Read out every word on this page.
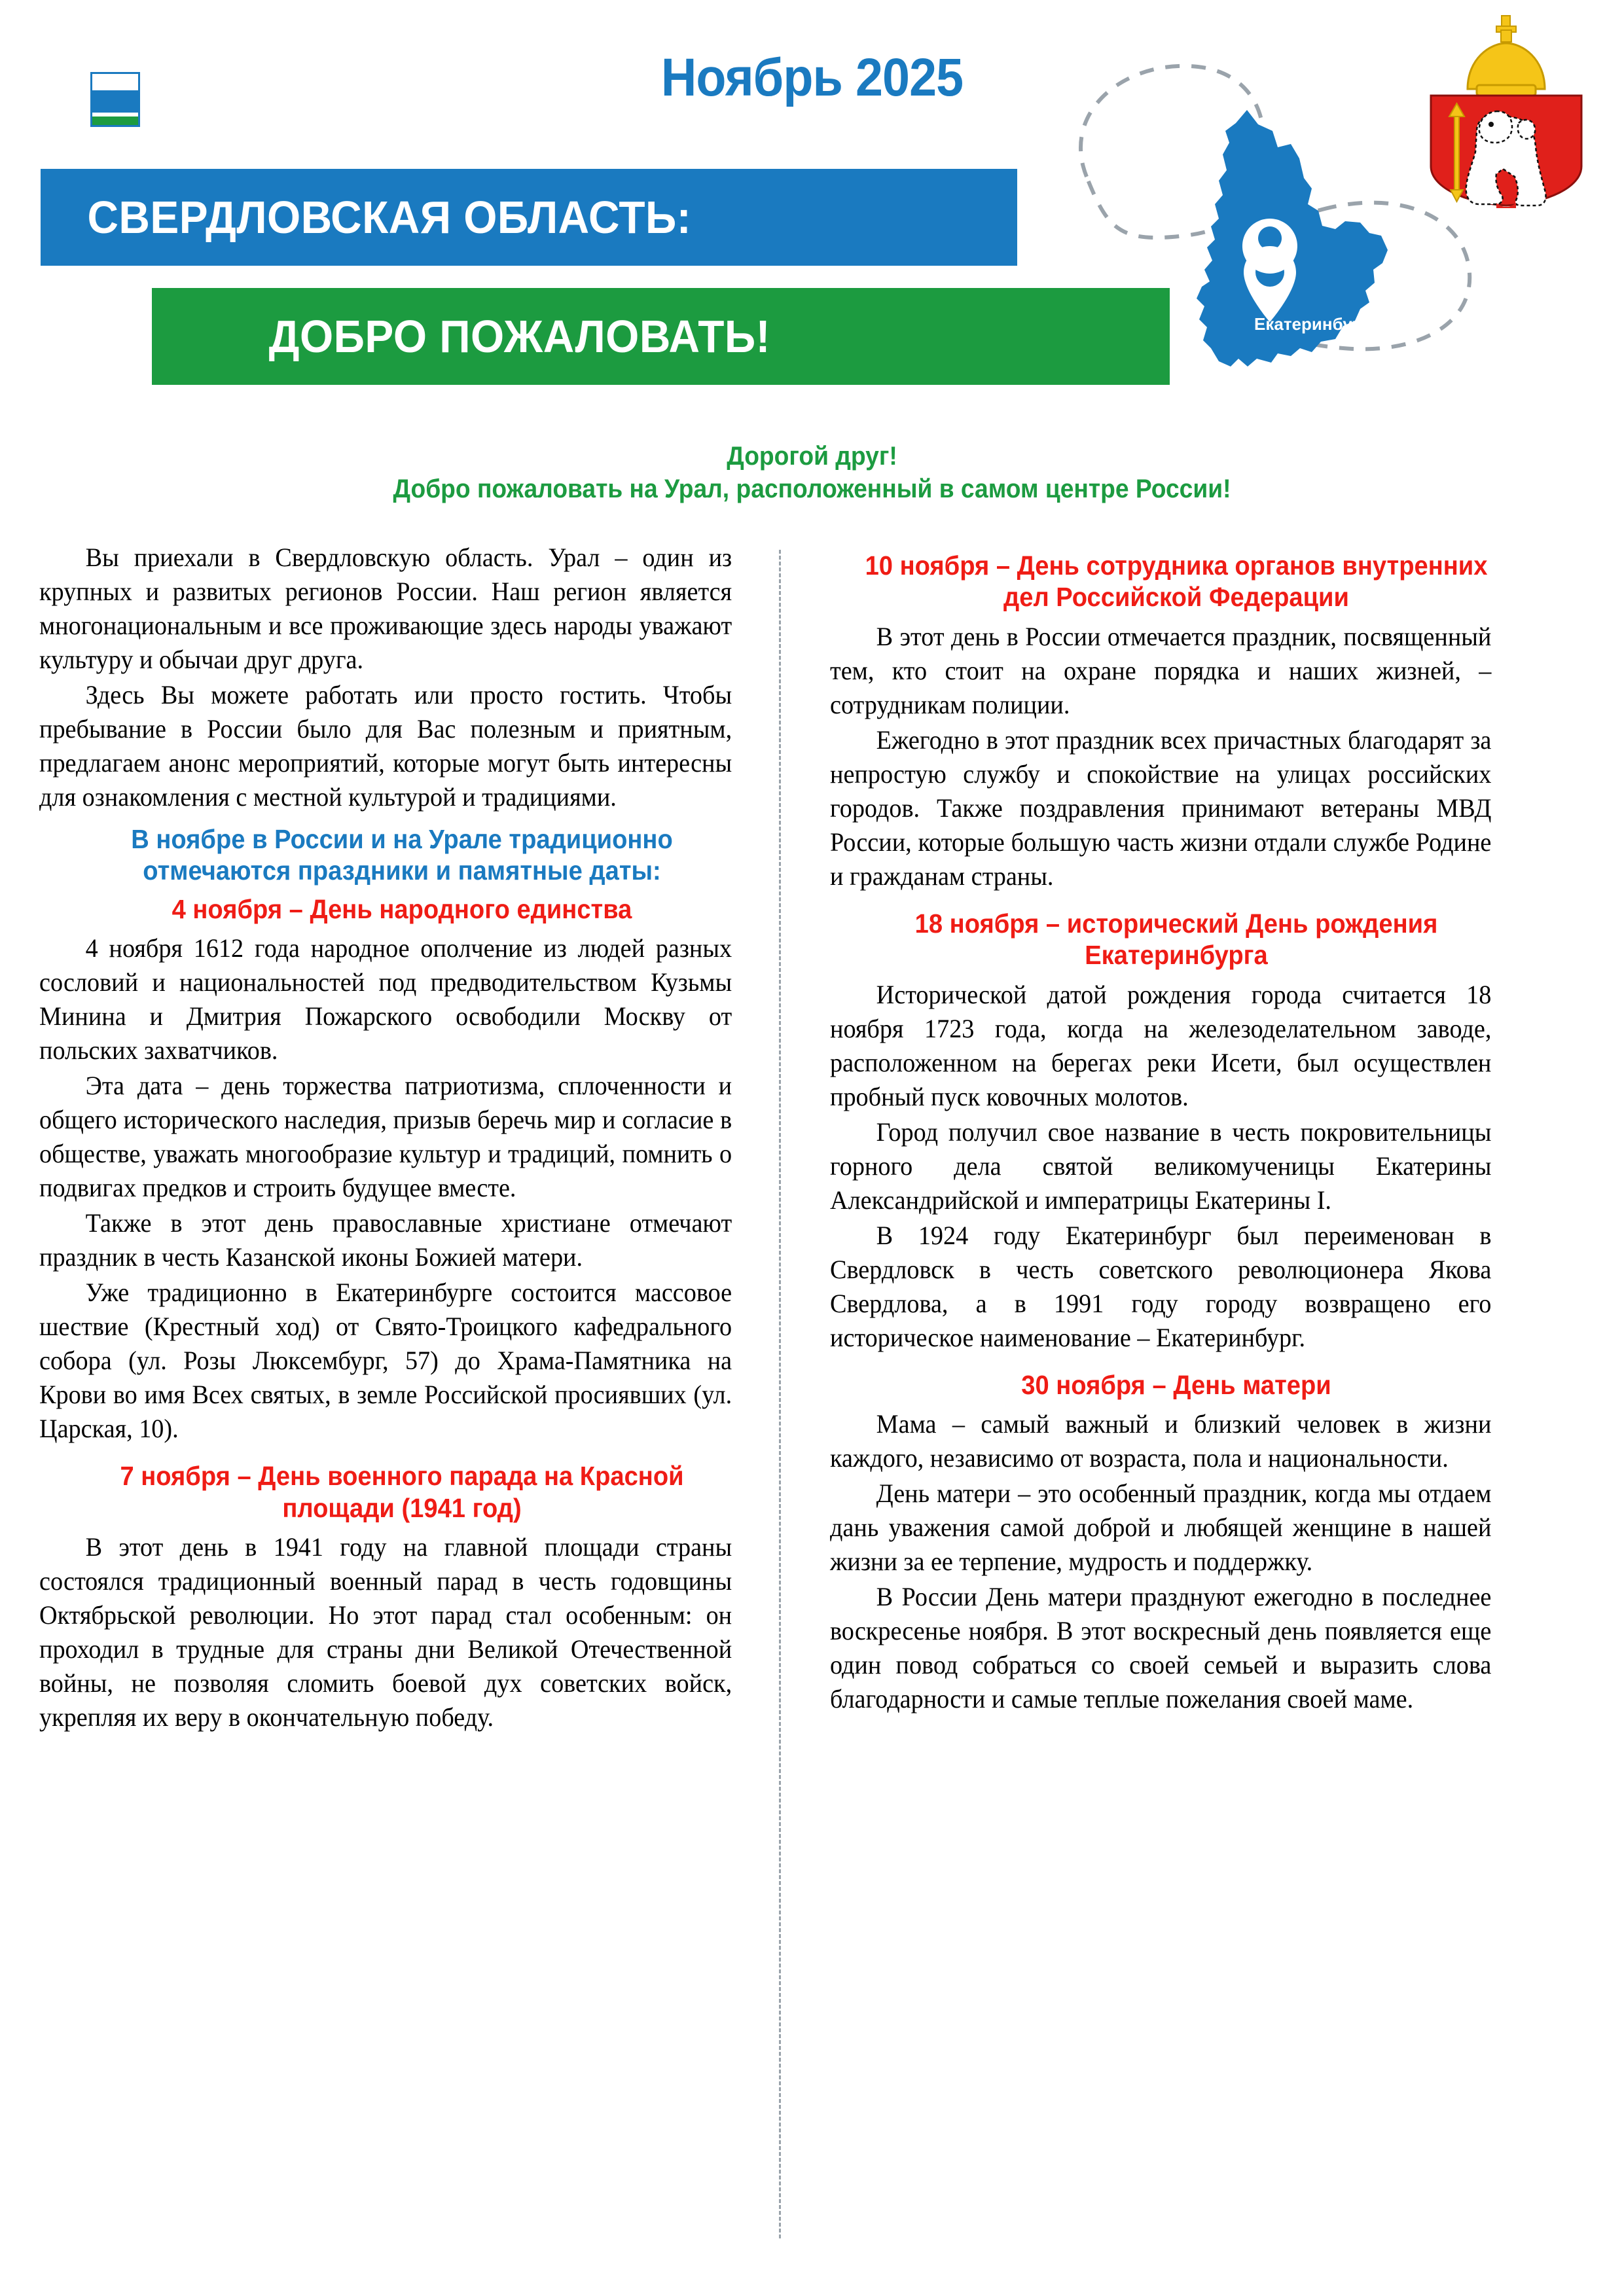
Ноябрь 2025
СВЕРДЛОВСКАЯ ОБЛАСТЬ:
ДОБРО ПОЖАЛОВАТЬ!	Екатеринбург
Дорогой друг!
Добро пожаловать на Урал, расположенный в самом центре России!

Вы приехали в Свердловскую область. Урал – один из крупных и развитых регионов России. Наш регион является многонациональным и все проживающие здесь народы уважают культуру и обычаи друг друга.

Здесь Вы можете работать или просто гостить. Чтобы пребывание в России было для Вас полезным и приятным, предлагаем анонс мероприятий, которые могут быть интересны для ознакомления с местной культурой и традициями.

В ноябре в России и на Урале традиционно отмечаются праздники и памятные даты:
4 ноября – День народного единства

4 ноября 1612 года народное ополчение из людей разных сословий и национальностей под предводительством Кузьмы Минина и Дмитрия Пожарского освободили Москву от польских захватчиков.

Эта дата – день торжества патриотизма, сплоченности и общего исторического наследия, призыв беречь мир и согласие в обществе, уважать многообразие культур и традиций, помнить о подвигах предков и строить будущее вместе.

Также в этот день православные христиане отмечают праздник в честь Казанской иконы Божией матери.

Уже традиционно в Екатеринбурге состоится массовое шествие (Крестный ход) от Свято-Троицкого кафедрального собора (ул. Розы Люксембург, 57) до Храма-Памятника на Крови во имя Всех святых, в земле Российской просиявших (ул. Царская, 10).

7 ноября – День военного парада на Красной площади (1941 год)

В этот день в 1941 году на главной площади страны состоялся традиционный военный парад в честь годовщины Октябрьской революции. Но этот парад стал особенным: он проходил в трудные для страны дни Великой Отечественной войны, не позволяя сломить боевой дух советских войск, укрепляя их веру в окончательную победу.

10 ноября – День сотрудника органов внутренних дел Российской Федерации

В этот день в России отмечается праздник, посвященный тем, кто стоит на охране порядка и наших жизней, – сотрудникам полиции.

Ежегодно в этот праздник всех причастных благодарят за непростую службу и спокойствие на улицах российских городов. Также поздравления принимают ветераны МВД России, которые большую часть жизни отдали службе Родине и гражданам страны.

18 ноября – исторический День рождения Екатеринбурга

Исторической датой рождения города считается 18 ноября 1723 года, когда на железоделательном заводе, расположенном на берегах реки Исети, был осуществлен пробный пуск ковочных молотов.

Город получил свое название в честь покровительницы горного дела святой великомученицы Екатерины Александрийской и императрицы Екатерины I.

В 1924 году Екатеринбург был переименован в Свердловск в честь советского революционера Якова Свердлова, а в 1991 году городу возвращено его историческое наименование – Екатеринбург.

30 ноября – День матери

Мама – самый важный и близкий человек в жизни каждого, независимо от возраста, пола и национальности.

День матери – это особенный праздник, когда мы отдаем дань уважения самой доброй и любящей женщине в нашей жизни за ее терпение, мудрость и поддержку.

В России День матери празднуют ежегодно в последнее воскресенье ноября. В этот воскресный день появляется еще один повод собраться со своей семьей и выразить слова благодарности и самые теплые пожелания своей маме.
